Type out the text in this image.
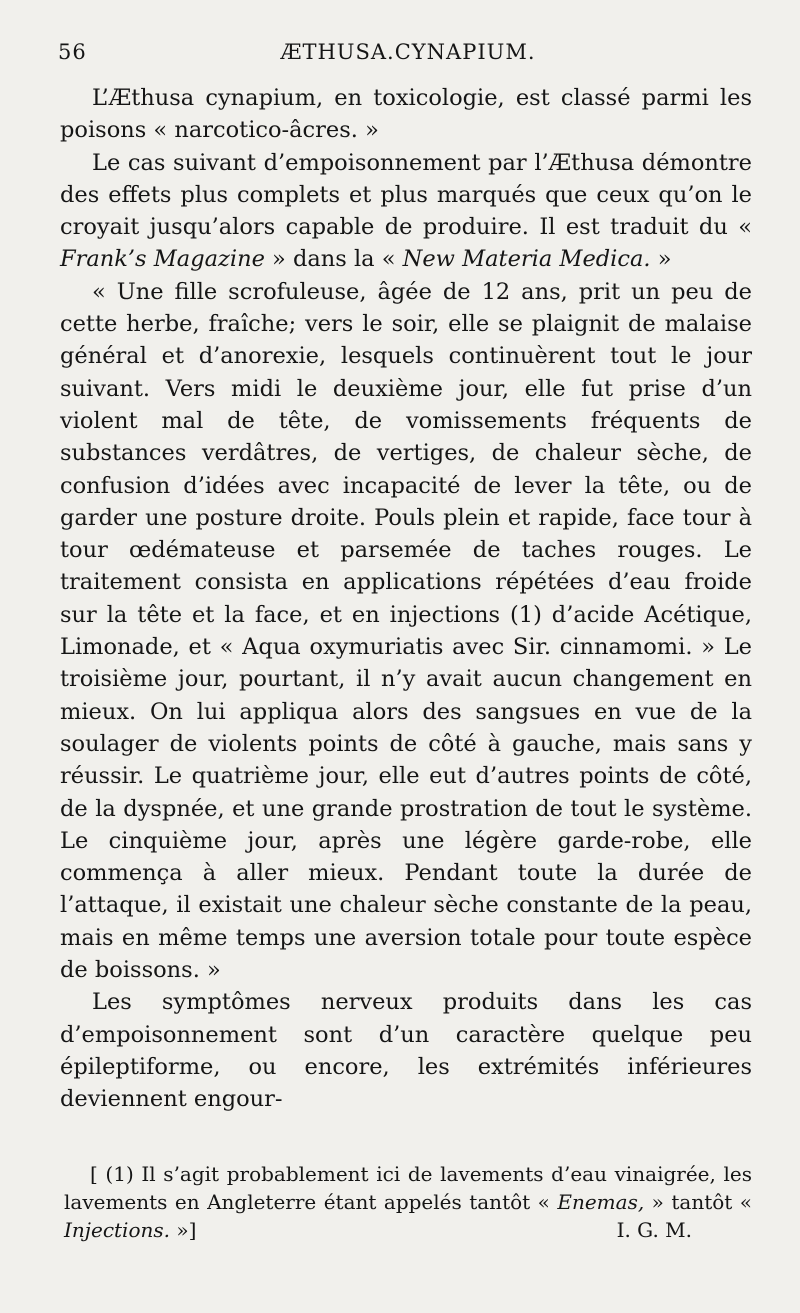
56	ÆTHUSA.CYNAPIUM.

L’Æthusa cynapium, en toxicologie, est classé parmi les poisons « narcotico-âcres. »

Le cas suivant d’empoisonnement par l’Æthusa démontre des effets plus complets et plus marqués que ceux qu’on le croyait jusqu’alors capable de produire. Il est traduit du « Frank’s Magazine » dans la « New Materia Medica. »

« Une fille scrofuleuse, âgée de 12 ans, prit un peu de cette herbe, fraîche; vers le soir, elle se plaignit de malaise général et d’anorexie, lesquels continuèrent tout le jour suivant. Vers midi le deuxième jour, elle fut prise d’un violent mal de tête, de vomissements fréquents de substances verdâtres, de vertiges, de chaleur sèche, de confusion d’idées avec incapacité de lever la tête, ou de garder une posture droite. Pouls plein et rapide, face tour à tour œdémateuse et parsemée de taches rouges. Le traitement consista en applications répétées d’eau froide sur la tête et la face, et en injections (1) d’acide Acétique, Limonade, et « Aqua oxymuriatis avec Sir. cinnamomi. » Le troisième jour, pourtant, il n’y avait aucun changement en mieux. On lui appliqua alors des sangsues en vue de la soulager de violents points de côté à gauche, mais sans y réussir. Le quatrième jour, elle eut d’autres points de côté, de la dyspnée, et une grande prostration de tout le système. Le cinquième jour, après une légère garde-robe, elle commença à aller mieux. Pendant toute la durée de l’attaque, il existait une chaleur sèche constante de la peau, mais en même temps une aversion totale pour toute espèce de boissons. »

Les symptômes nerveux produits dans les cas d’empoisonnement sont d’un caractère quelque peu épileptiforme, ou encore, les extrémités inférieures deviennent engour-

[ (1) Il s’agit probablement ici de lavements d’eau vinaigrée, les lavements en Angleterre étant appelés tantôt « Enemas, » tantôt « Injections. »]	I. G. M.
